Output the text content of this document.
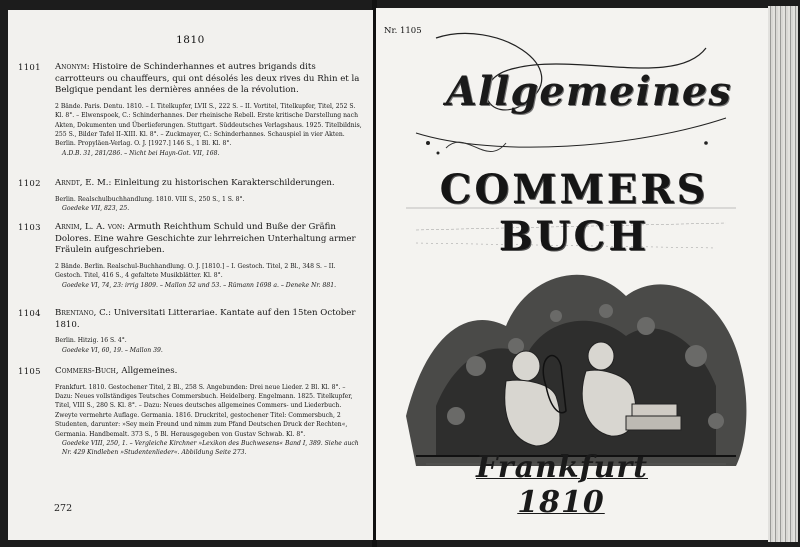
1810
1101 Anonym: Histoire de Schinderhannes et autres brigands dits carrotteurs ou chauffeurs, qui ont désolés les deux rives du Rhin et la Belgique pendant les dernières années de la révolution.
2 Bände. Paris. Dentu. 1810. – I. Titelkupfer, LVII S., 222 S. – II. Vortitel, Titelkupfer, Titel, 252 S. Kl. 8°. – Elwenspoek, C.: Schinderhannes. Der rheinische Rebell. Erste kritische Darstellung nach Akten, Dokumenten und Überlieferungen. Stuttgart. Süddeutsches Verlagshaus. 1925. Titelbildnis, 255 S., Bilder Tafel II–XIII. Kl. 8°. – Zuckmayer, C.: Schinderhannes. Schauspiel in vier Akten. Berlin. Propyläen-Verlag. O. J. [1927.] 146 S., 1 Bl. Kl. 8°.
A.D.B. 31, 281/286. – Nicht bei Hayn-Got. VII, 168.
1102 Arndt, E. M.: Einleitung zu historischen Karakterschilderungen.
Berlin. Realschulbuchhandlung. 1810. VIII S., 250 S., 1 S. 8°.
Goedeke VII, 823, 25.
1103 Arnim, L. A. von: Armuth Reichthum Schuld und Buße der Gräfin Dolores. Eine wahre Geschichte zur lehrreichen Unterhaltung armer Fräulein aufgeschrieben.
2 Bände. Berlin. Realschul-Buchhandlung. O. J. [1810.] – I. Gestoch. Titel, 2 Bl., 348 S. – II. Gestoch. Titel, 416 S., 4 gefaltete Musikblätter. Kl. 8°.
Goedeke VI, 74, 23: irrig 1809. – Mallon 52 und 53. – Rümann 1698 a. – Deneke Nr. 881.
1104 Brentano, C.: Universitati Litterariae. Kantate auf den 15ten October 1810.
Berlin. Hitzig. 16 S. 4°.
Goedeke VI, 60, 19. – Mallon 39.
1105 Commers-Buch, Allgemeines.
Frankfurt. 1810. Gestochener Titel, 2 Bl., 258 S. Angebunden: Drei neue Lieder. 2 Bl. Kl. 8°. – Dazu: Neues vollständiges Teutsches Commersbuch. Heidelberg. Engelmann. 1825. Titelkupfer, Titel, VIII S., 280 S. Kl. 8°. – Dazu: Neues deutsches allgemeines Commers- und Liederbuch. Zweyte vermehrte Auflage. Germania. 1816. Druckritel, gestochener Titel: Commersbuch, 2 Studenten, darunter: »Sey mein Freund und nimm zum Pfand Deutschen Druck der Rechten«, Germania. Handbemalt. 373 S., 5 Bl. Herausgegeben von Gustav Schwab. Kl. 8°.
Goedeke VIII, 250, 1. – Vergleiche Kirchner »Lexikon des Buchwesens« Band I, 389. Siehe auch Nr. 429 Kindleben »Studentenlieder«. Abbildung Seite 273.
272
Nr. 1105
Allgemeines
COMMERS BUCH
Frankfurt 1810
